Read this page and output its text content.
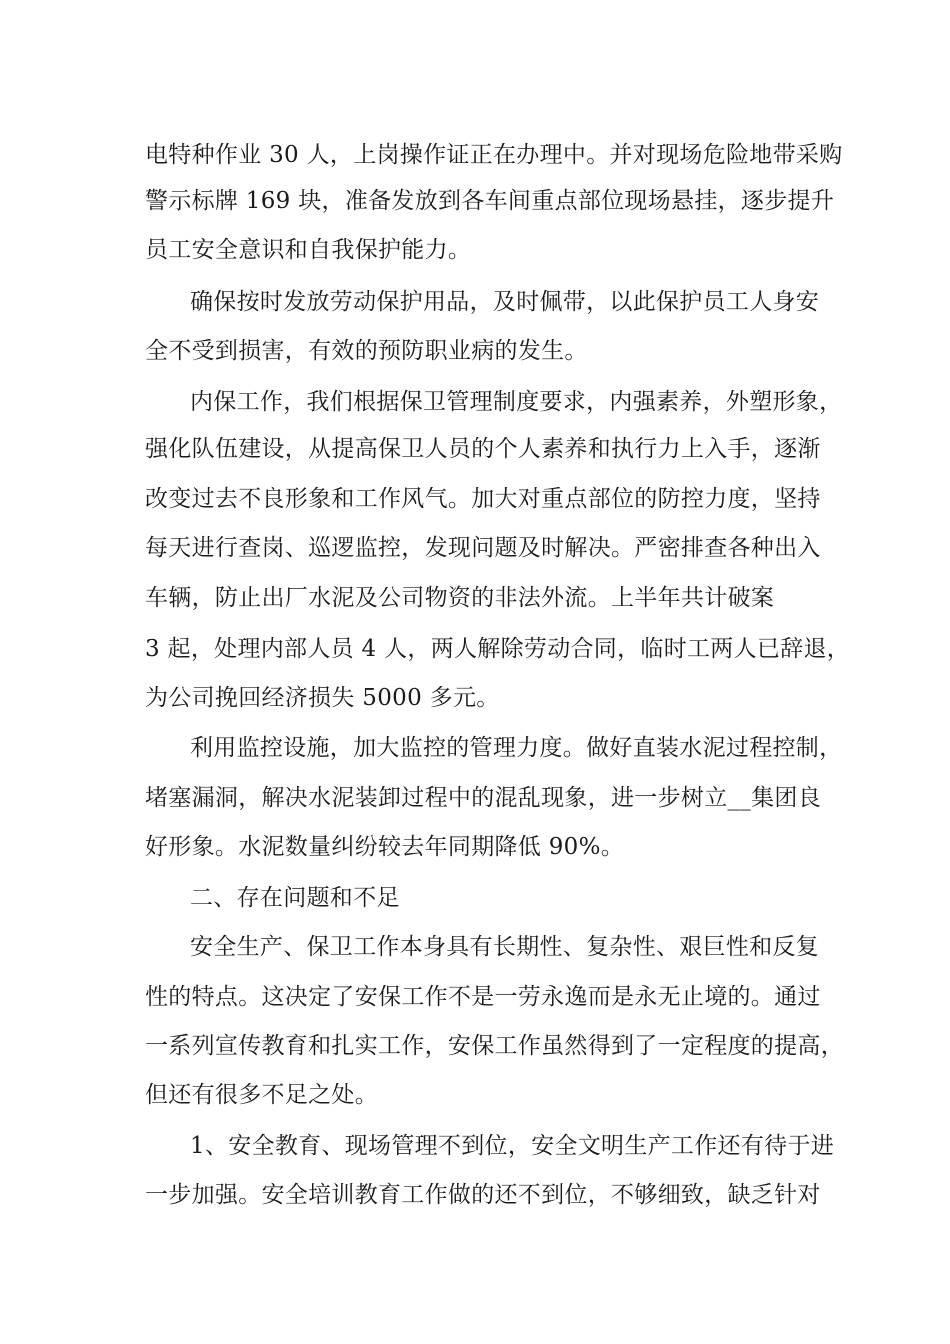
电特种作业 30 人，上岗操作证正在办理中。并对现场危险地带采购

警示标牌 169 块，准备发放到各车间重点部位现场悬挂，逐步提升

员工安全意识和自我保护能力。

确保按时发放劳动保护用品，及时佩带，以此保护员工人身安

全不受到损害，有效的预防职业病的发生。

内保工作，我们根据保卫管理制度要求，内强素养，外塑形象，

强化队伍建设，从提高保卫人员的个人素养和执行力上入手，逐渐

改变过去不良形象和工作风气。加大对重点部位的防控力度，坚持

每天进行查岗、巡逻监控，发现问题及时解决。严密排查各种出入

车辆，防止出厂水泥及公司物资的非法外流。上半年共计破案

3 起，处理内部人员 4 人，两人解除劳动合同，临时工两人已辞退，

为公司挽回经济损失 5000 多元。

利用监控设施，加大监控的管理力度。做好直装水泥过程控制，

堵塞漏洞，解决水泥装卸过程中的混乱现象，进一步树立__集团良

好形象。水泥数量纠纷较去年同期降低 90%。

二、存在问题和不足

安全生产、保卫工作本身具有长期性、复杂性、艰巨性和反复

性的特点。这决定了安保工作不是一劳永逸而是永无止境的。通过

一系列宣传教育和扎实工作，安保工作虽然得到了一定程度的提高，

但还有很多不足之处。

1、安全教育、现场管理不到位，安全文明生产工作还有待于进

一步加强。安全培训教育工作做的还不到位，不够细致，缺乏针对
